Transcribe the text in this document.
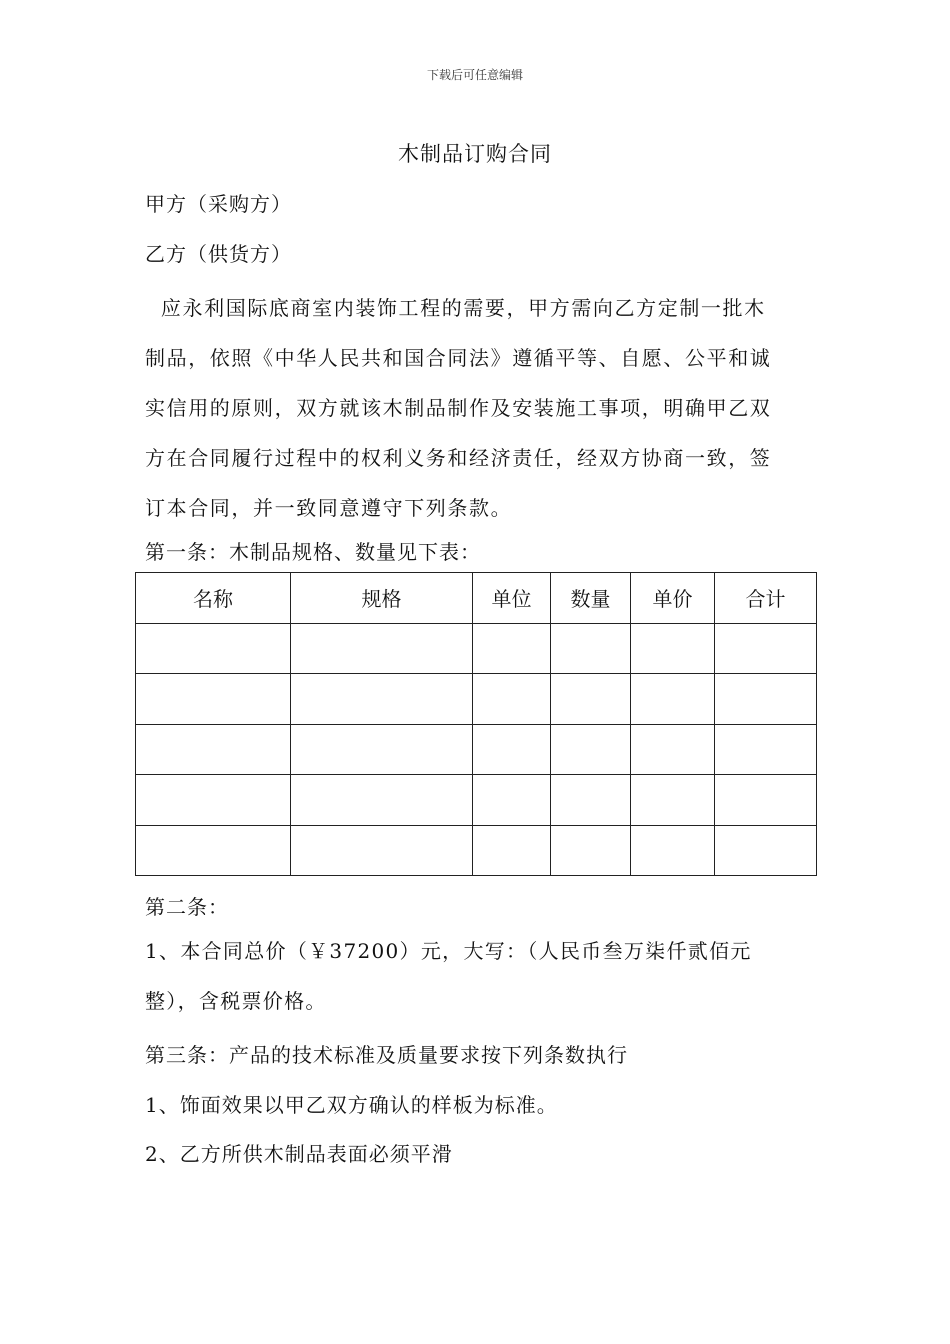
下载后可任意编辑
木制品订购合同
甲方（采购方）
乙方（供货方）
应永利国际底商室内装饰工程的需要，甲方需向乙方定制一批木
制品，依照《中华人民共和国合同法》遵循平等、自愿、公平和诚
实信用的原则，双方就该木制品制作及安装施工事项，明确甲乙双
方在合同履行过程中的权利义务和经济责任，经双方协商一致，签
订本合同，并一致同意遵守下列条款。
第一条：木制品规格、数量见下表：
名称	规格	单位	数量	单价	合计

第二条：
1、本合同总价（￥37200）元，大写：（人民币叁万柒仟贰佰元
整），含税票价格。
第三条：产品的技术标准及质量要求按下列条数执行
1、饰面效果以甲乙双方确认的样板为标准。
2、乙方所供木制品表面必须平滑
